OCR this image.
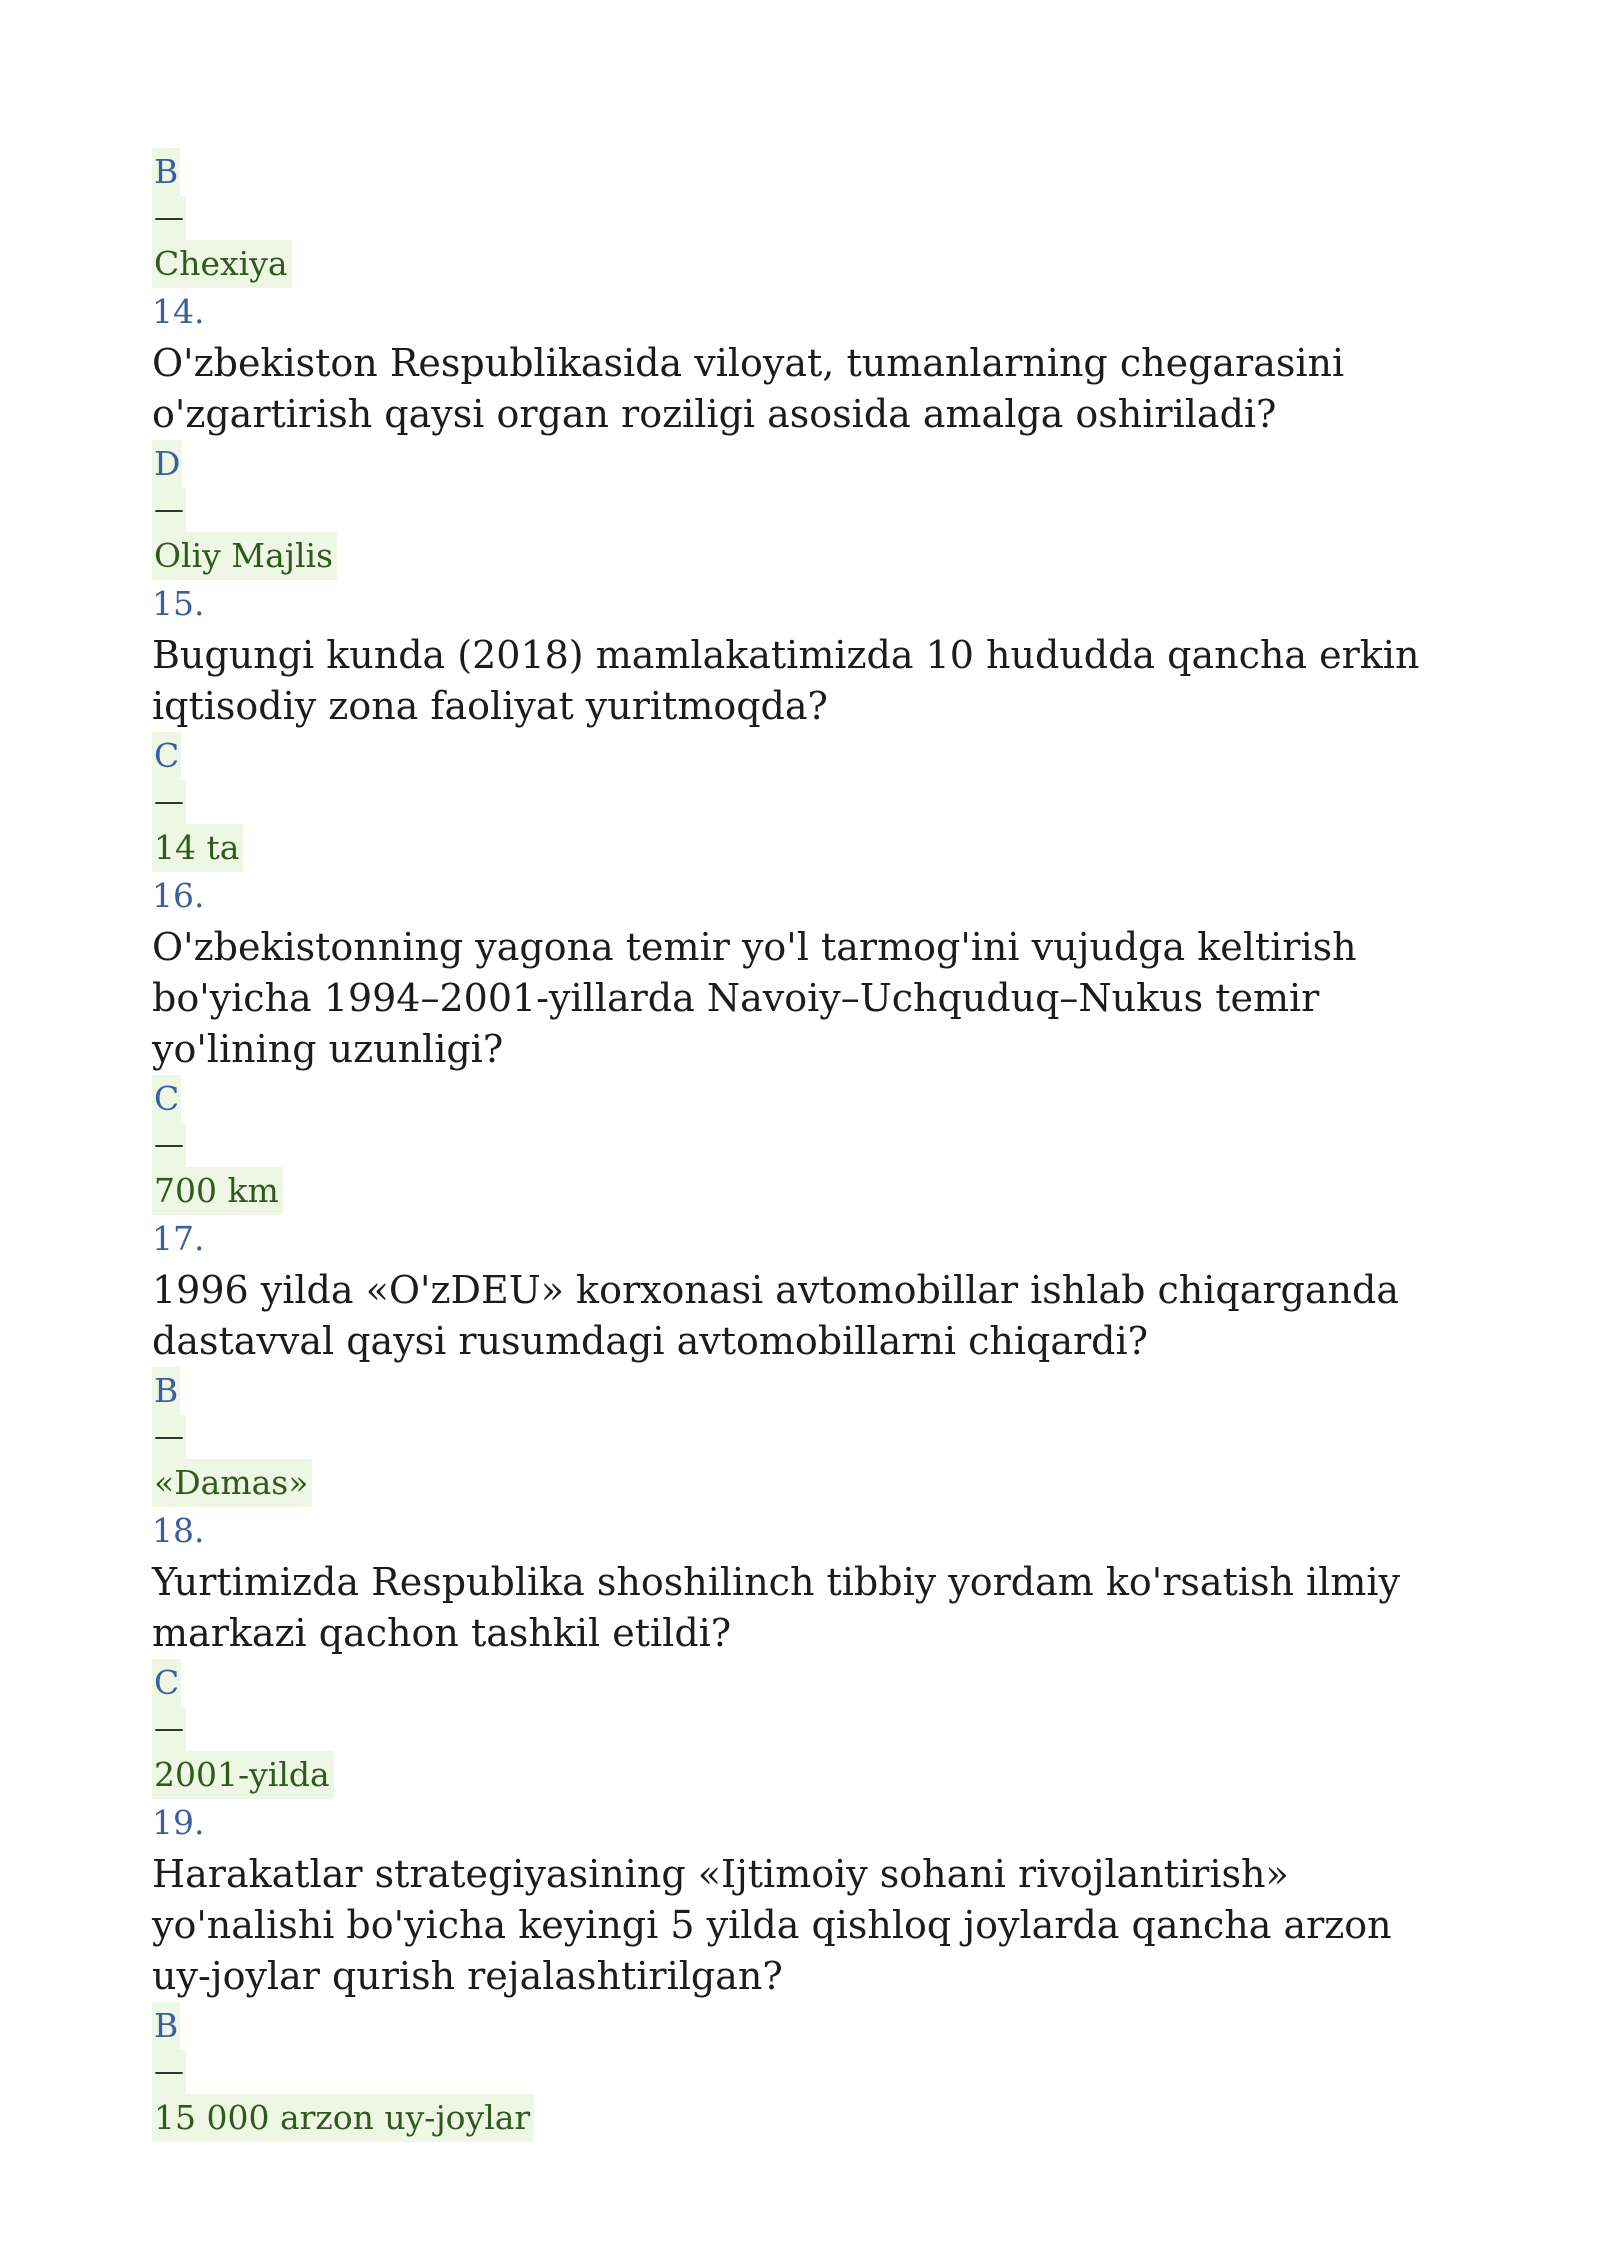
B
—
Chexiya
14.
O'zbekiston Respublikasida viloyat, tumanlarning chegarasini o'zgartirish qaysi organ roziligi asosida amalga oshiriladi?
D
—
Oliy Majlis
15.
Bugungi kunda (2018) mamlakatimizda 10 hududda qancha erkin iqtisodiy zona faoliyat yuritmoqda?
C
—
14 ta
16.
O'zbekistonning yagona temir yo'l tarmog'ini vujudga keltirish bo'yicha 1994–2001-yillarda Navoiy–Uchquduq–Nukus temir yo'lining uzunligi?
C
—
700 km
17.
1996 yilda «O'zDEU» korxonasi avtomobillar ishlab chiqarganda dastavval qaysi rusumdagi avtomobillarni chiqardi?
B
—
«Damas»
18.
Yurtimizda Respublika shoshilinch tibbiy yordam ko'rsatish ilmiy markazi qachon tashkil etildi?
C
—
2001-yilda
19.
Harakatlar strategiyasining «Ijtimoiy sohani rivojlantirish» yo'nalishi bo'yicha keyingi 5 yilda qishloq joylarda qancha arzon uy-joylar qurish rejalashtirilgan?
B
—
15 000 arzon uy-joylar
